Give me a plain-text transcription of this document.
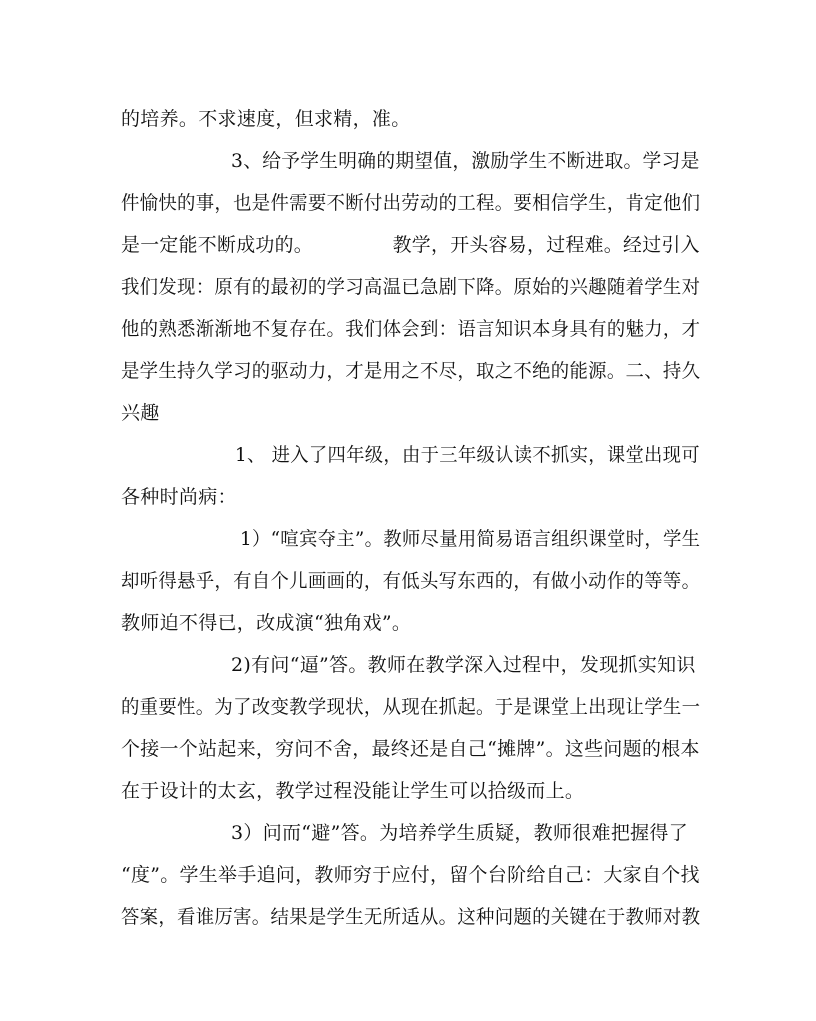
的培养。不求速度，但求精，准。
3、给予学生明确的期望值，激励学生不断进取。学习是
件愉快的事，也是件需要不断付出劳动的工程。要相信学生，肯定他们
是一定能不断成功的。	教学，开头容易，过程难。经过引入
我们发现：原有的最初的学习高温已急剧下降。原始的兴趣随着学生对
他的熟悉渐渐地不复存在。我们体会到：语言知识本身具有的魅力，才
是学生持久学习的驱动力，才是用之不尽，取之不绝的能源。二、持久
兴趣
1、 进入了四年级，由于三年级认读不抓实，课堂出现可
各种时尚病：
1）“喧宾夺主”。教师尽量用简易语言组织课堂时，学生
却听得悬乎，有自个儿画画的，有低头写东西的，有做小动作的等等。
教师迫不得已，改成演“独角戏”。
2)有问“逼”答。教师在教学深入过程中，发现抓实知识
的重要性。为了改变教学现状，从现在抓起。于是课堂上出现让学生一
个接一个站起来，穷问不舍，最终还是自己“摊牌”。这些问题的根本
在于设计的太玄，教学过程没能让学生可以拾级而上。
3）问而“避”答。为培养学生质疑，教师很难把握得了
“度”。学生举手追问，教师穷于应付，留个台阶给自己：大家自个找
答案，看谁厉害。结果是学生无所适从。这种问题的关键在于教师对教
